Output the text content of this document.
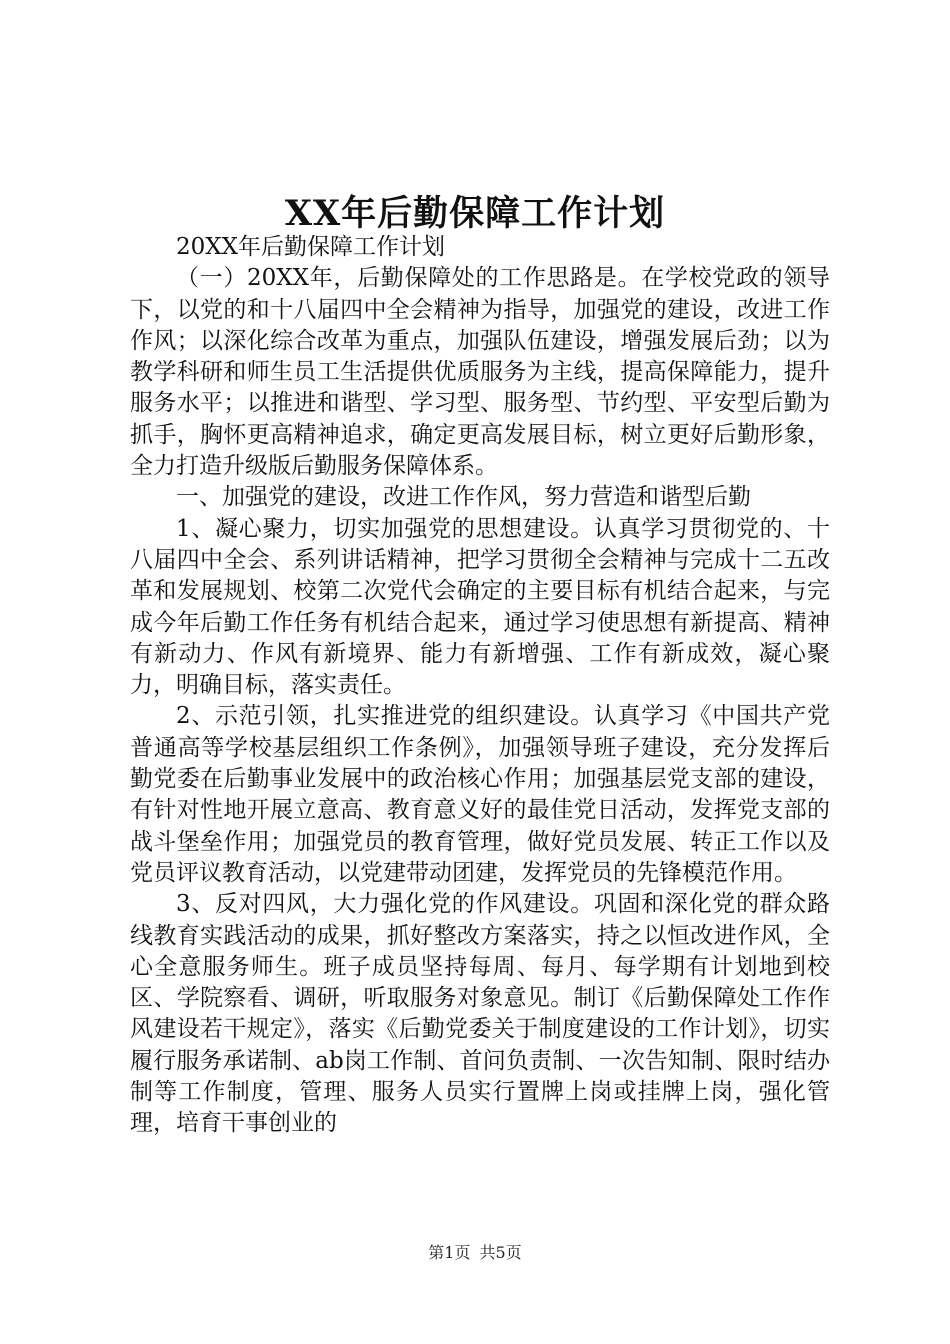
XX年后勤保障工作计划

20XX年后勤保障工作计划

（一）20XX年，后勤保障处的工作思路是。在学校党政的领导下，以党的和十八届四中全会精神为指导，加强党的建设，改进工作作风；以深化综合改革为重点，加强队伍建设，增强发展后劲；以为教学科研和师生员工生活提供优质服务为主线，提高保障能力，提升服务水平；以推进和谐型、学习型、服务型、节约型、平安型后勤为抓手，胸怀更高精神追求，确定更高发展目标，树立更好后勤形象，全力打造升级版后勤服务保障体系。

一、加强党的建设，改进工作作风，努力营造和谐型后勤

1、凝心聚力，切实加强党的思想建设。认真学习贯彻党的、十八届四中全会、系列讲话精神，把学习贯彻全会精神与完成十二五改革和发展规划、校第二次党代会确定的主要目标有机结合起来，与完成今年后勤工作任务有机结合起来，通过学习使思想有新提高、精神有新动力、作风有新境界、能力有新增强、工作有新成效，凝心聚力，明确目标，落实责任。

2、示范引领，扎实推进党的组织建设。认真学习《中国共产党普通高等学校基层组织工作条例》，加强领导班子建设，充分发挥后勤党委在后勤事业发展中的政治核心作用；加强基层党支部的建设，有针对性地开展立意高、教育意义好的最佳党日活动，发挥党支部的战斗堡垒作用；加强党员的教育管理，做好党员发展、转正工作以及党员评议教育活动，以党建带动团建，发挥党员的先锋模范作用。

3、反对四风，大力强化党的作风建设。巩固和深化党的群众路线教育实践活动的成果，抓好整改方案落实，持之以恒改进作风，全心全意服务师生。班子成员坚持每周、每月、每学期有计划地到校区、学院察看、调研，听取服务对象意见。制订《后勤保障处工作作风建设若干规定》，落实《后勤党委关于制度建设的工作计划》，切实履行服务承诺制、ab岗工作制、首问负责制、一次告知制、限时结办制等工作制度，管理、服务人员实行置牌上岗或挂牌上岗，强化管理，培育干事创业的

第1页 共5页
